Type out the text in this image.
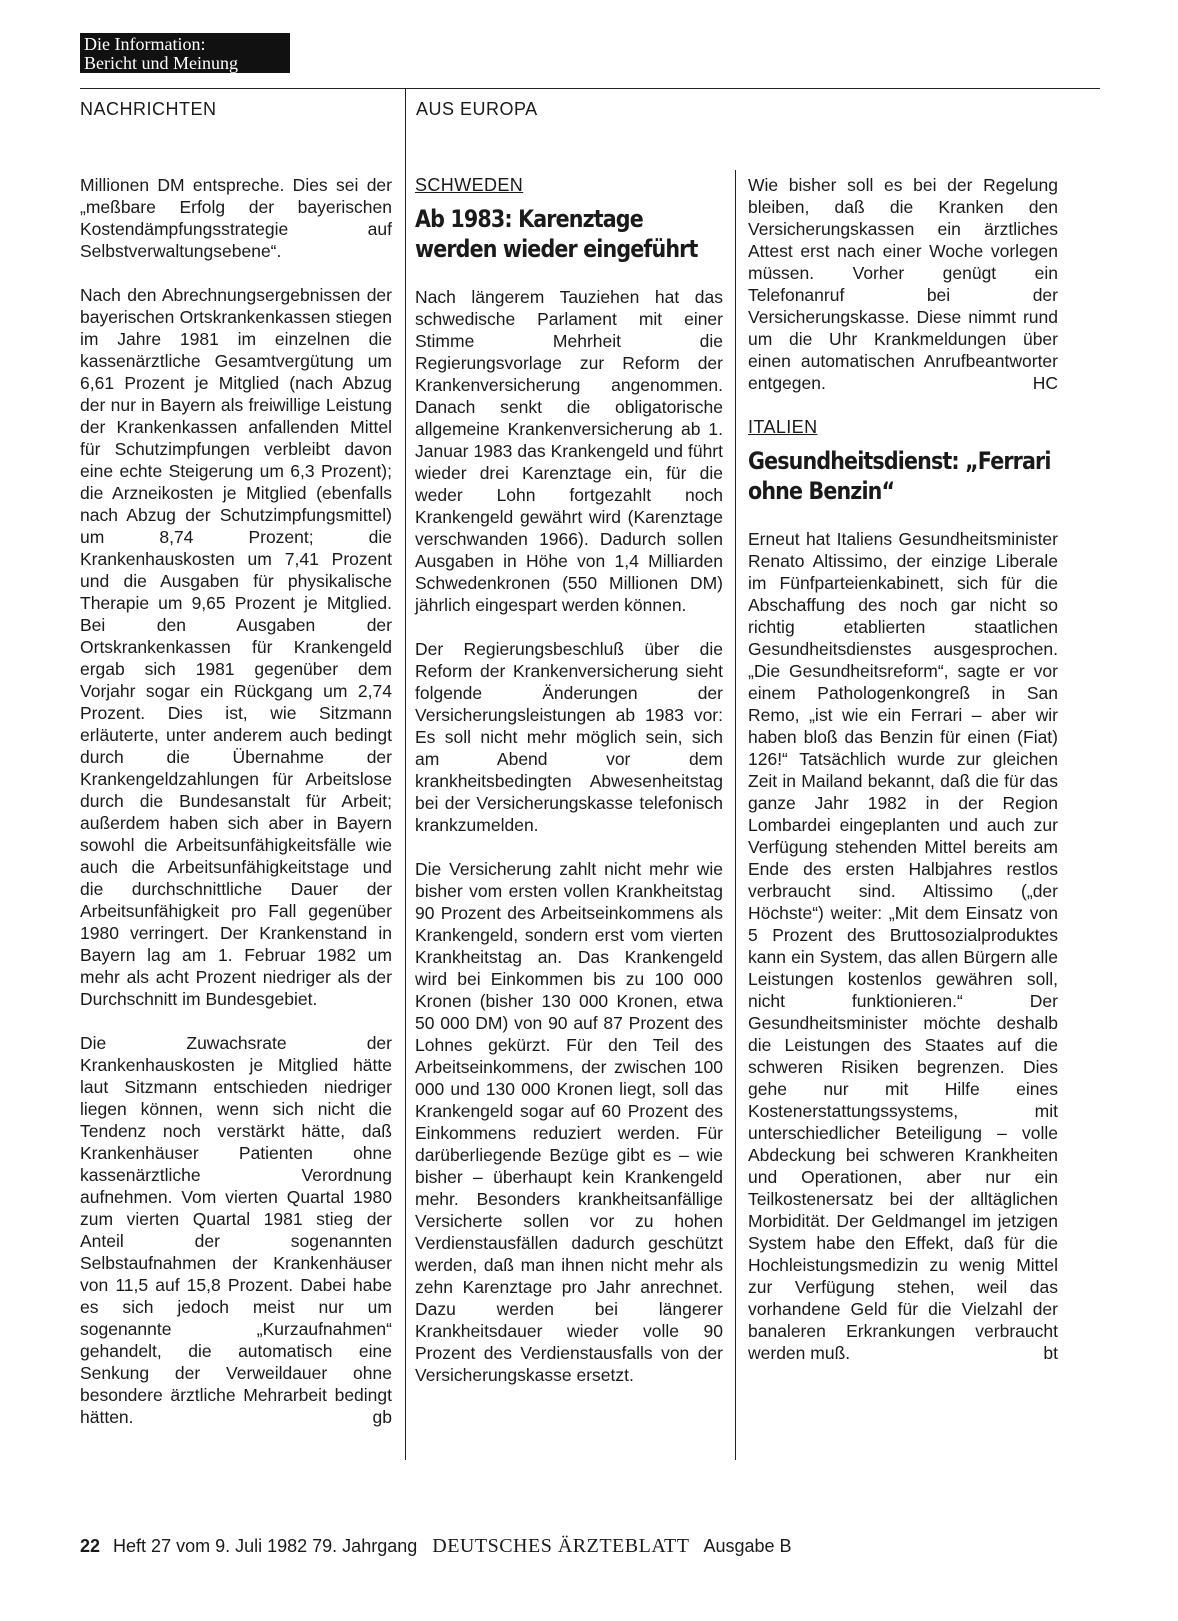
Die Information:
Bericht und Meinung
NACHRICHTEN	AUS EUROPA

Millionen DM entspreche. Dies sei der „meßbare Erfolg der bayerischen Kostendämpfungsstrategie auf Selbstverwaltungsebene“.

Nach den Abrechnungsergebnissen der bayerischen Ortskrankenkassen stiegen im Jahre 1981 im einzelnen die kassenärztliche Gesamtvergütung um 6,61 Prozent je Mitglied (nach Abzug der nur in Bayern als freiwillige Leistung der Krankenkassen anfallenden Mittel für Schutzimpfungen verbleibt davon eine echte Steigerung um 6,3 Prozent); die Arzneikosten je Mitglied (ebenfalls nach Abzug der Schutzimpfungsmittel) um 8,74 Prozent; die Krankenhauskosten um 7,41 Prozent und die Ausgaben für physikalische Therapie um 9,65 Prozent je Mitglied. Bei den Ausgaben der Ortskrankenkassen für Krankengeld ergab sich 1981 gegenüber dem Vorjahr sogar ein Rückgang um 2,74 Prozent. Dies ist, wie Sitzmann erläuterte, unter anderem auch bedingt durch die Übernahme der Krankengeldzahlungen für Arbeitslose durch die Bundesanstalt für Arbeit; außerdem haben sich aber in Bayern sowohl die Arbeitsunfähigkeitsfälle wie auch die Arbeitsunfähigkeitstage und die durchschnittliche Dauer der Arbeitsunfähigkeit pro Fall gegenüber 1980 verringert. Der Krankenstand in Bayern lag am 1. Februar 1982 um mehr als acht Prozent niedriger als der Durchschnitt im Bundesgebiet.

Die Zuwachsrate der Krankenhauskosten je Mitglied hätte laut Sitzmann entschieden niedriger liegen können, wenn sich nicht die Tendenz noch verstärkt hätte, daß Krankenhäuser Patienten ohne kassenärztliche Verordnung aufnehmen. Vom vierten Quartal 1980 zum vierten Quartal 1981 stieg der Anteil der sogenannten Selbstaufnahmen der Krankenhäuser von 11,5 auf 15,8 Prozent. Dabei habe es sich jedoch meist nur um sogenannte „Kurzaufnahmen“ gehandelt, die automatisch eine Senkung der Verweildauer ohne besondere ärztliche Mehrarbeit bedingt hätten.	gb

SCHWEDEN
Ab 1983: Karenztage werden wieder eingeführt

Nach längerem Tauziehen hat das schwedische Parlament mit einer Stimme Mehrheit die Regierungsvorlage zur Reform der Krankenversicherung angenommen. Danach senkt die obligatorische allgemeine Krankenversicherung ab 1. Januar 1983 das Krankengeld und führt wieder drei Karenztage ein, für die weder Lohn fortgezahlt noch Krankengeld gewährt wird (Karenztage verschwanden 1966). Dadurch sollen Ausgaben in Höhe von 1,4 Milliarden Schwedenkronen (550 Millionen DM) jährlich eingespart werden können.

Der Regierungsbeschluß über die Reform der Krankenversicherung sieht folgende Änderungen der Versicherungsleistungen ab 1983 vor: Es soll nicht mehr möglich sein, sich am Abend vor dem krankheitsbedingten Abwesenheitstag bei der Versicherungskasse telefonisch krankzumelden.

Die Versicherung zahlt nicht mehr wie bisher vom ersten vollen Krankheitstag 90 Prozent des Arbeitseinkommens als Krankengeld, sondern erst vom vierten Krankheitstag an. Das Krankengeld wird bei Einkommen bis zu 100 000 Kronen (bisher 130 000 Kronen, etwa 50 000 DM) von 90 auf 87 Prozent des Lohnes gekürzt. Für den Teil des Arbeitseinkommens, der zwischen 100 000 und 130 000 Kronen liegt, soll das Krankengeld sogar auf 60 Prozent des Einkommens reduziert werden. Für darüberliegende Bezüge gibt es – wie bisher – überhaupt kein Krankengeld mehr. Besonders krankheitsanfällige Versicherte sollen vor zu hohen Verdienstausfällen dadurch geschützt werden, daß man ihnen nicht mehr als zehn Karenztage pro Jahr anrechnet. Dazu werden bei längerer Krankheitsdauer wieder volle 90 Prozent des Verdienstausfalls von der Versicherungskasse ersetzt.

Wie bisher soll es bei der Regelung bleiben, daß die Kranken den Versicherungskassen ein ärztliches Attest erst nach einer Woche vorlegen müssen. Vorher genügt ein Telefonanruf bei der Versicherungskasse. Diese nimmt rund um die Uhr Krankmeldungen über einen automatischen Anrufbeantworter entgegen.	HC

ITALIEN
Gesundheitsdienst: „Ferrari ohne Benzin“

Erneut hat Italiens Gesundheitsminister Renato Altissimo, der einzige Liberale im Fünfparteienkabinett, sich für die Abschaffung des noch gar nicht so richtig etablierten staatlichen Gesundheitsdienstes ausgesprochen. „Die Gesundheitsreform“, sagte er vor einem Pathologenkongreß in San Remo, „ist wie ein Ferrari – aber wir haben bloß das Benzin für einen (Fiat) 126!“ Tatsächlich wurde zur gleichen Zeit in Mailand bekannt, daß die für das ganze Jahr 1982 in der Region Lombardei eingeplanten und auch zur Verfügung stehenden Mittel bereits am Ende des ersten Halbjahres restlos verbraucht sind. Altissimo („der Höchste“) weiter: „Mit dem Einsatz von 5 Prozent des Bruttosozialproduktes kann ein System, das allen Bürgern alle Leistungen kostenlos gewähren soll, nicht funktionieren.“ Der Gesundheitsminister möchte deshalb die Leistungen des Staates auf die schweren Risiken begrenzen. Dies gehe nur mit Hilfe eines Kostenerstattungssystems, mit unterschiedlicher Beteiligung – volle Abdeckung bei schweren Krankheiten und Operationen, aber nur ein Teilkostenersatz bei der alltäglichen Morbidität. Der Geldmangel im jetzigen System habe den Effekt, daß für die Hochleistungsmedizin zu wenig Mittel zur Verfügung stehen, weil das vorhandene Geld für die Vielzahl der banaleren Erkrankungen verbraucht werden muß.	bt

22 Heft 27 vom 9. Juli 1982 79. Jahrgang DEUTSCHES ÄRZTEBLATT Ausgabe B
